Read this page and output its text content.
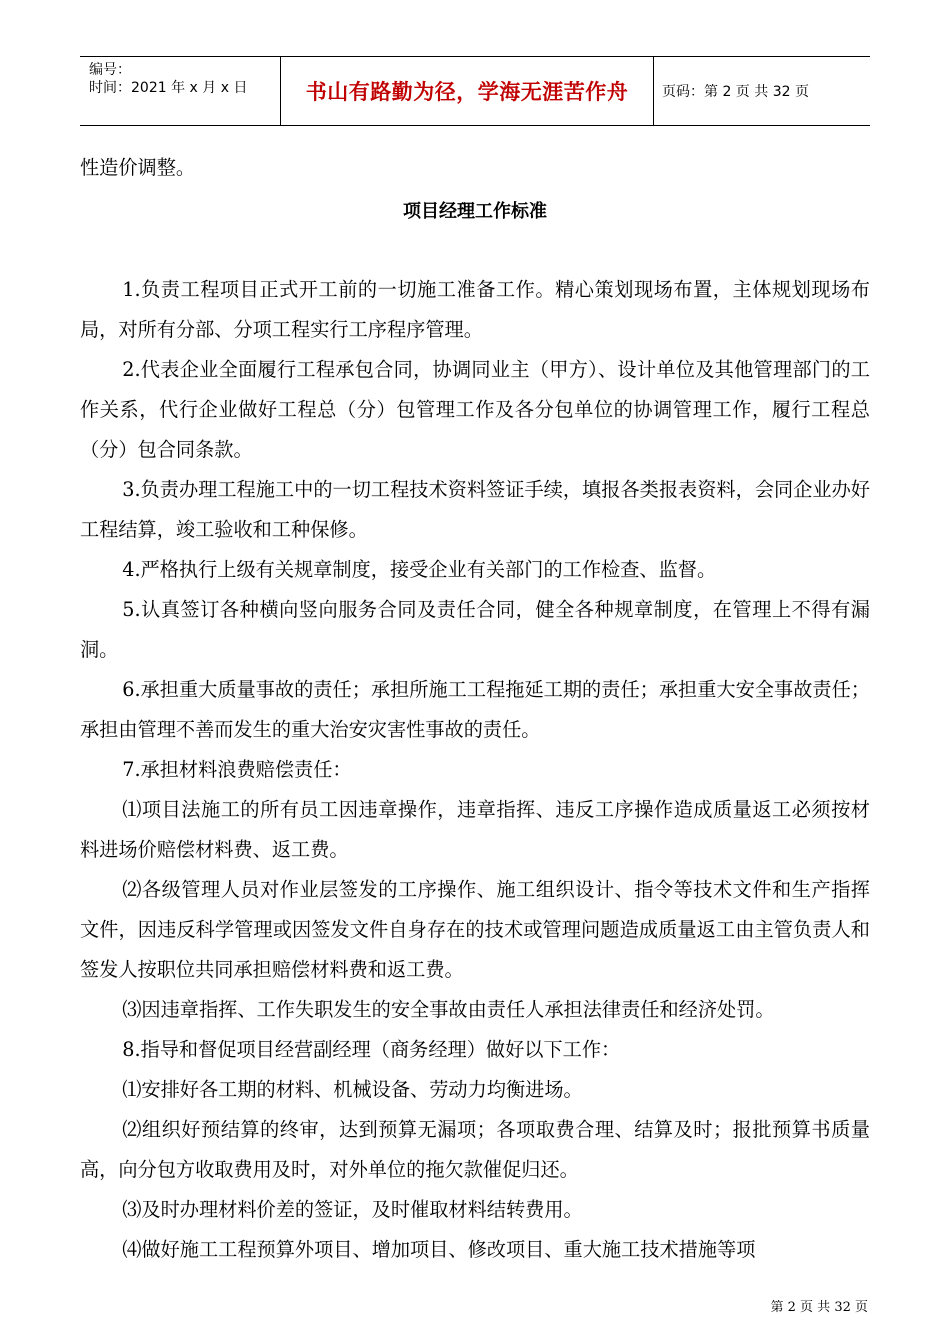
编号：
时间：2021 年 x 月 x 日	书山有路勤为径，学海无涯苦作舟	页码：第 2 页 共 32 页

性造价调整。

项目经理工作标准

1.负责工程项目正式开工前的一切施工准备工作。精心策划现场布置，主体规划现场布局，对所有分部、分项工程实行工序程序管理。

2.代表企业全面履行工程承包合同，协调同业主（甲方）、设计单位及其他管理部门的工作关系，代行企业做好工程总（分）包管理工作及各分包单位的协调管理工作，履行工程总（分）包合同条款。

3.负责办理工程施工中的一切工程技术资料签证手续，填报各类报表资料，会同企业办好工程结算，竣工验收和工种保修。

4.严格执行上级有关规章制度，接受企业有关部门的工作检查、监督。

5.认真签订各种横向竖向服务合同及责任合同，健全各种规章制度，在管理上不得有漏洞。

6.承担重大质量事故的责任；承担所施工工程拖延工期的责任；承担重大安全事故责任；承担由管理不善而发生的重大治安灾害性事故的责任。

7.承担材料浪费赔偿责任：

⑴项目法施工的所有员工因违章操作，违章指挥、违反工序操作造成质量返工必须按材料进场价赔偿材料费、返工费。

⑵各级管理人员对作业层签发的工序操作、施工组织设计、指令等技术文件和生产指挥文件，因违反科学管理或因签发文件自身存在的技术或管理问题造成质量返工由主管负责人和签发人按职位共同承担赔偿材料费和返工费。

⑶因违章指挥、工作失职发生的安全事故由责任人承担法律责任和经济处罚。

8.指导和督促项目经营副经理（商务经理）做好以下工作：

⑴安排好各工期的材料、机械设备、劳动力均衡进场。

⑵组织好预结算的终审，达到预算无漏项；各项取费合理、结算及时；报批预算书质量高，向分包方收取费用及时，对外单位的拖欠款催促归还。

⑶及时办理材料价差的签证，及时催取材料结转费用。

⑷做好施工工程预算外项目、增加项目、修改项目、重大施工技术措施等项

第 2 页 共 32 页
